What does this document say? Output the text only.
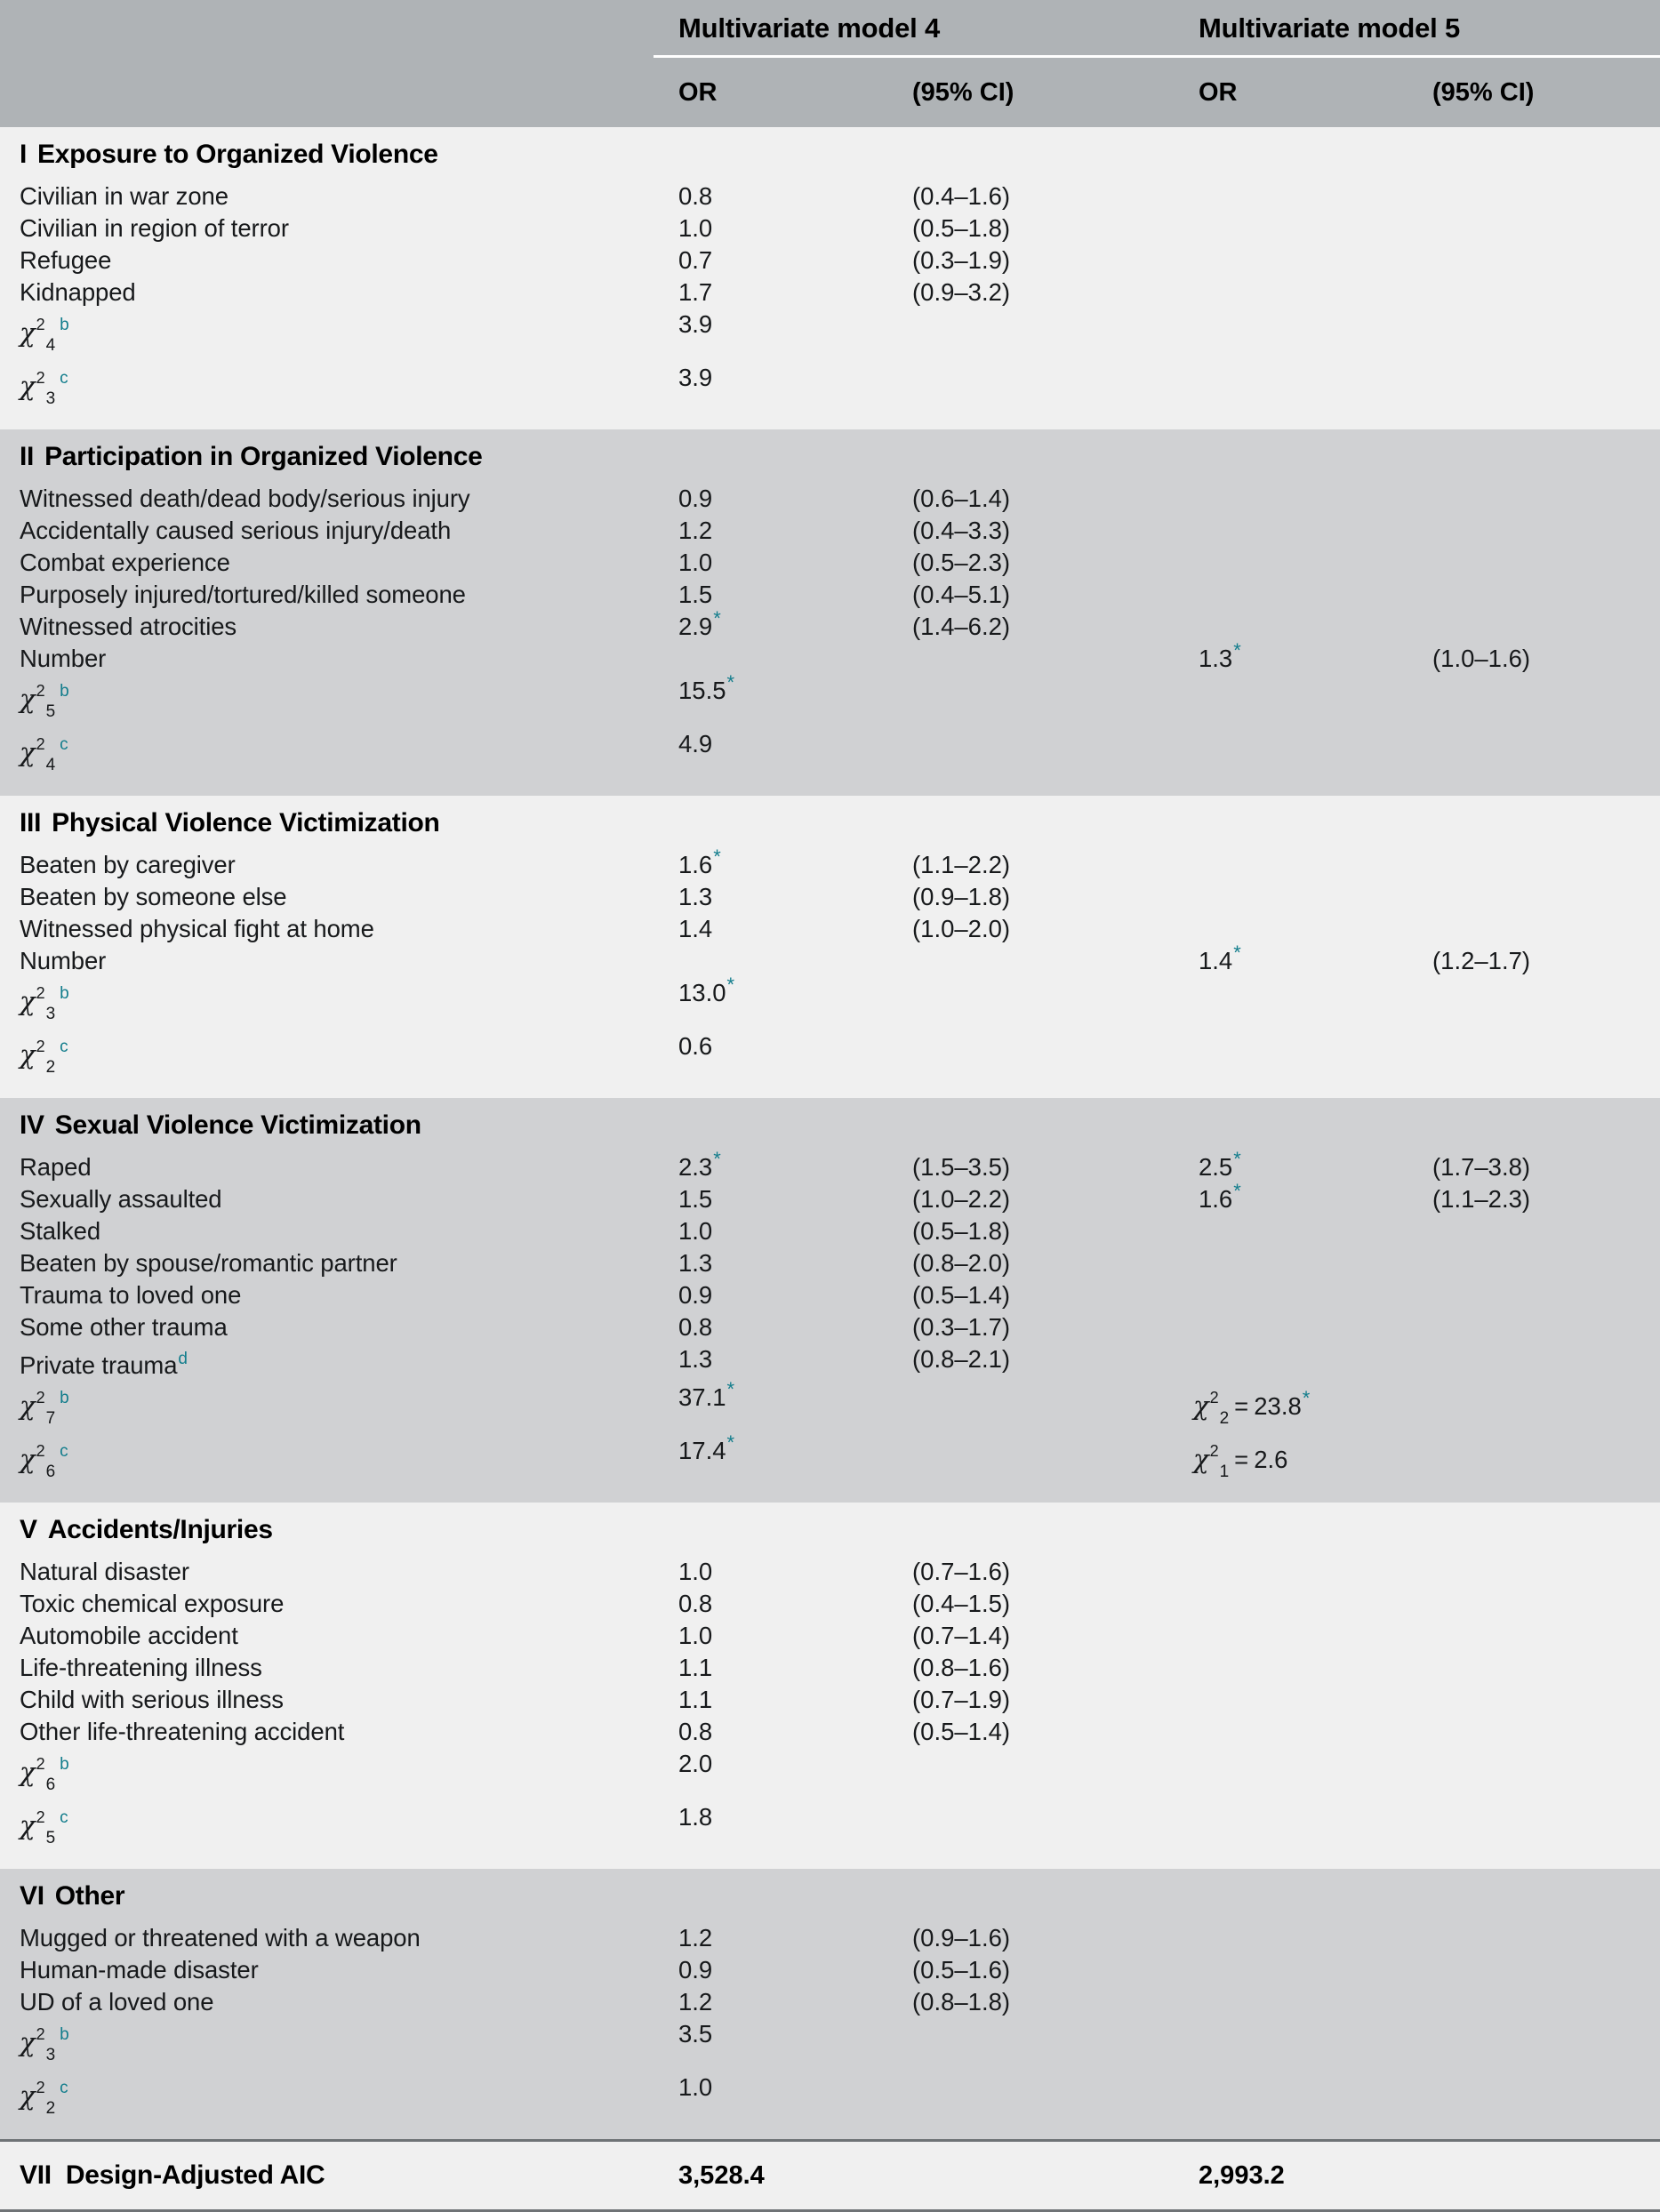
	Multivariate model 4		Multivariate model 5	

	OR	(95% CI)	OR	(95% CI)

I Exposure to Organized Violence				

Civilian in war zone	0.8	(0.4–1.6)		

Civilian in region of terror	1.0	(0.5–1.8)		

Refugee	0.7	(0.3–1.9)		

Kidnapped	1.7	(0.9–3.2)		

$\chi^2_4^b$	3.9			

$\chi^2_3^c$	3.9			

II Participation in Organized Violence				

Witnessed death/dead body/serious injury	0.9	(0.6–1.4)		

Accidentally caused serious injury/death	1.2	(0.4–3.3)		

Combat experience	1.0	(0.5–2.3)		

Purposely injured/tortured/killed someone	1.5	(0.4–5.1)		

Witnessed atrocities	2.9*	(1.4–6.2)		

Number			1.3*	(1.0–1.6)

$\chi^2_5^b$	15.5*

$\chi^2_4^c$	4.9			

III Physical Violence Victimization				

Beaten by caregiver	1.6*	(1.1–2.2)		

Beaten by someone else	1.3	(0.9–1.8)		

Witnessed physical fight at home	1.4	(1.0–2.0)		

Number			1.4*	(1.2–1.7)

$\chi^2_3^b$	13.0*

$\chi^2_2^c$	0.6			

IV Sexual Violence Victimization				

Raped	2.3*	(1.5–3.5)	2.5*	(1.7–3.8)

Sexually assaulted	1.5	(1.0–2.2)	1.6*	(1.1–2.3)

Stalked	1.0	(0.5–1.8)		

Beaten by spouse/romantic partner	1.3	(0.8–2.0)		

Trauma to loved one	0.9	(0.5–1.4)		

Some other trauma	0.8	(0.3–1.7)		

Private trauma$^d$	1.3	(0.8–2.1)		

$\chi^2_7^b$	37.1*		$\chi^2_2 = 23.8^*$

$\chi^2_6^c$	17.4*		$\chi^2_1 = 2.6$	

V Accidents/Injuries				

Natural disaster	1.0	(0.7–1.6)		

Toxic chemical exposure	0.8	(0.4–1.5)		

Automobile accident	1.0	(0.7–1.4)		

Life-threatening illness	1.1	(0.8–1.6)		

Child with serious illness	1.1	(0.7–1.9)		

Other life-threatening accident	0.8	(0.5–1.4)		

$\chi^2_6^b$	2.0			

$\chi^2_5^c$	1.8			

VI Other				

Mugged or threatened with a weapon	1.2	(0.9–1.6)		

Human-made disaster	0.9	(0.5–1.6)		

UD of a loved one	1.2	(0.8–1.8)		

$\chi^2_3^b$	3.5			

$\chi^2_2^c$	1.0			

VII Design-Adjusted AIC	3,528.4		2,993.2	
